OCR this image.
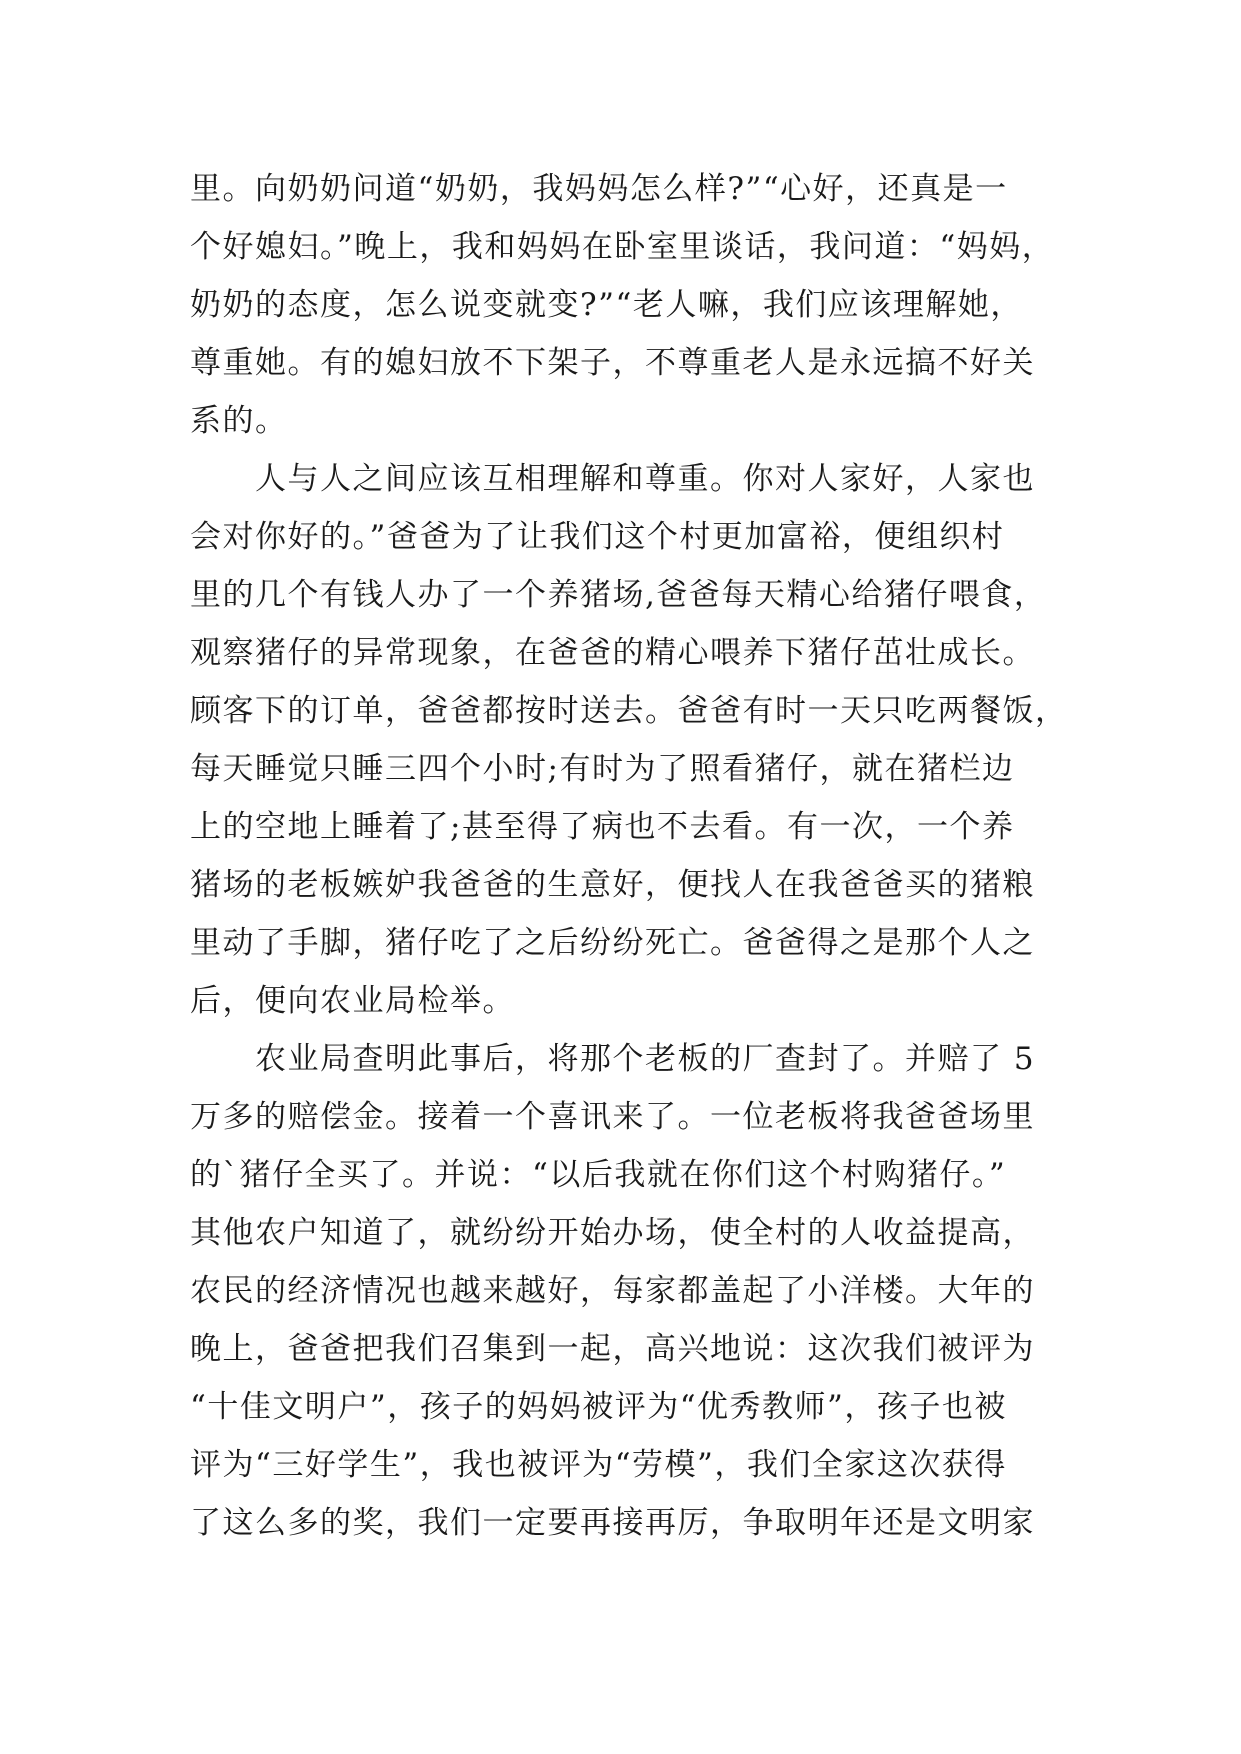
里。向奶奶问道“奶奶，我妈妈怎么样?”“心好，还真是一
个好媳妇。”晚上，我和妈妈在卧室里谈话，我问道：“妈妈，
奶奶的态度，怎么说变就变?”“老人嘛，我们应该理解她，
尊重她。有的媳妇放不下架子，不尊重老人是永远搞不好关
系的。
　　人与人之间应该互相理解和尊重。你对人家好，人家也
会对你好的。”爸爸为了让我们这个村更加富裕，便组织村
里的几个有钱人办了一个养猪场,爸爸每天精心给猪仔喂食，
观察猪仔的异常现象，在爸爸的精心喂养下猪仔茁壮成长。
顾客下的订单，爸爸都按时送去。爸爸有时一天只吃两餐饭，
每天睡觉只睡三四个小时;有时为了照看猪仔，就在猪栏边
上的空地上睡着了;甚至得了病也不去看。有一次，一个养
猪场的老板嫉妒我爸爸的生意好，便找人在我爸爸买的猪粮
里动了手脚，猪仔吃了之后纷纷死亡。爸爸得之是那个人之
后，便向农业局检举。
　　农业局查明此事后，将那个老板的厂查封了。并赔了 5
万多的赔偿金。接着一个喜讯来了。一位老板将我爸爸场里
的`猪仔全买了。并说：“以后我就在你们这个村购猪仔。”
其他农户知道了，就纷纷开始办场，使全村的人收益提高，
农民的经济情况也越来越好，每家都盖起了小洋楼。大年的
晚上，爸爸把我们召集到一起，高兴地说：这次我们被评为
“十佳文明户”，孩子的妈妈被评为“优秀教师”，孩子也被
评为“三好学生”，我也被评为“劳模”，我们全家这次获得
了这么多的奖，我们一定要再接再厉，争取明年还是文明家
